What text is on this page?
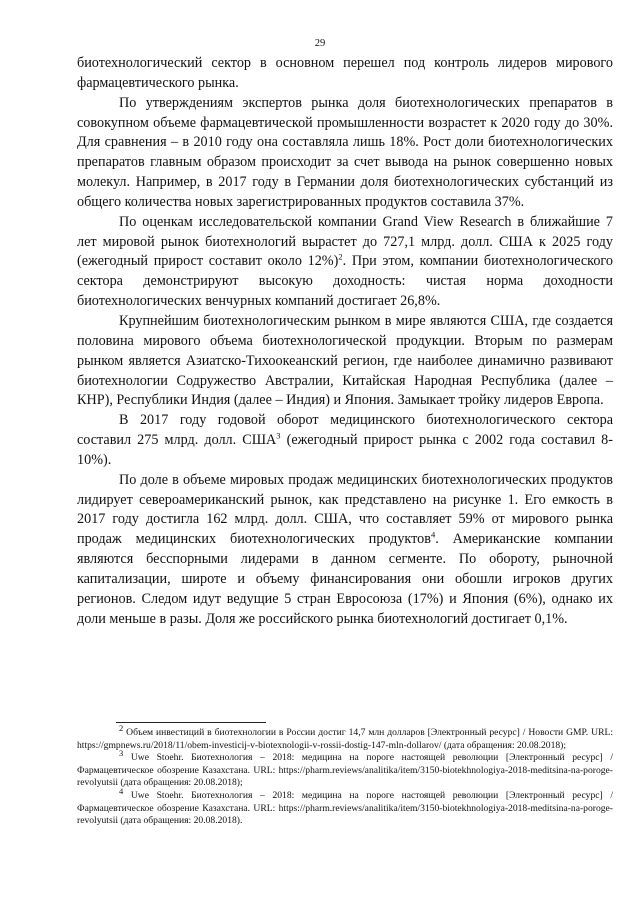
29

биотехнологический сектор в основном перешел под контроль лидеров мирового фармацевтического рынка.

По утверждениям экспертов рынка доля биотехнологических препаратов в совокупном объеме фармацевтической промышленности возрастет к 2020 году до 30%. Для сравнения – в 2010 году она составляла лишь 18%. Рост доли биотехнологических препаратов главным образом происходит за счет вывода на рынок совершенно новых молекул. Например, в 2017 году в Германии доля биотехнологических субстанций из общего количества новых зарегистрированных продуктов составила 37%.

По оценкам исследовательской компании Grand View Research в ближайшие 7 лет мировой рынок биотехнологий вырастет до 727,1 млрд. долл. США к 2025 году (ежегодный прирост составит около 12%)$^2$. При этом, компании биотехнологического сектора демонстрируют высокую доходность: чистая норма доходности биотехнологических венчурных компаний достигает 26,8%.

Крупнейшим биотехнологическим рынком в мире являются США, где создается половина мирового объема биотехнологической продукции. Вторым по размерам рынком является Азиатско-Тихоокеанский регион, где наиболее динамично развивают биотехнологии Содружество Австралии, Китайская Народная Республика (далее – КНР), Республики Индия (далее – Индия) и Япония. Замыкает тройку лидеров Европа.

В 2017 году годовой оборот медицинского биотехнологического сектора составил 275 млрд. долл. США$^3$ (ежегодный прирост рынка с 2002 года составил 8-10%).

По доле в объеме мировых продаж медицинских биотехнологических продуктов лидирует североамериканский рынок, как представлено на рисунке 1. Его емкость в 2017 году достигла 162 млрд. долл. США, что составляет 59% от мирового рынка продаж медицинских биотехнологических продуктов$^4$. Американские компании являются бесспорными лидерами в данном сегменте. По обороту, рыночной капитализации, широте и объему финансирования они обошли игроков других регионов. Следом идут ведущие 5 стран Евросоюза (17%) и Япония (6%), однако их доли меньше в разы. Доля же российского рынка биотехнологий достигает 0,1%.

$^2$ Объем инвестиций в биотехнологии в России достиг 14,7 млн долларов [Электронный ресурс] / Новости GMP. URL: https://gmpnews.ru/2018/11/obem-investicij-v-biotexnologii-v-rossii-dostig-147-mln-dollarov/ (дата обращения: 20.08.2018);

$^3$ Uwe Stoehr. Биотехнология – 2018: медицина на пороге настоящей революции [Электронный ресурс] / Фармацевтическое обозрение Казахстана. URL: https://pharm.reviews/analitika/item/3150-biotekhnologiya-2018-meditsina-na-poroge-revolyutsii (дата обращения: 20.08.2018);

$^4$ Uwe Stoehr. Биотехнология – 2018: медицина на пороге настоящей революции [Электронный ресурс] / Фармацевтическое обозрение Казахстана. URL: https://pharm.reviews/analitika/item/3150-biotekhnologiya-2018-meditsina-na-poroge-revolyutsii (дата обращения: 20.08.2018).
